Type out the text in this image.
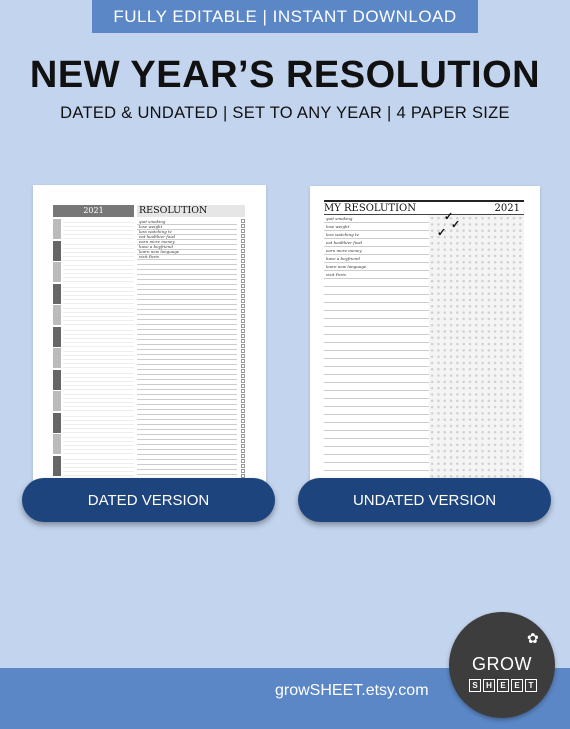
FULLY EDITABLE | INSTANT DOWNLOAD
NEW YEAR’S RESOLUTION
DATED & UNDATED | SET TO ANY YEAR | 4 PAPER SIZE
2021	RESOLUTION
quit smoking
lose weight
less watching tv
eat healthier food
earn more money
have a boyfriend
learn new language
visit Paris
MY RESOLUTION	2021
quit smoking
lose weight
less watching tv
eat healthier food
earn more money
have a boyfriend
learn new language
visit Paris
✓
✓
✓
DATED VERSION	UNDATED VERSION
growSHEET.etsy.com
✿
GROW
S	H	E	E	T
